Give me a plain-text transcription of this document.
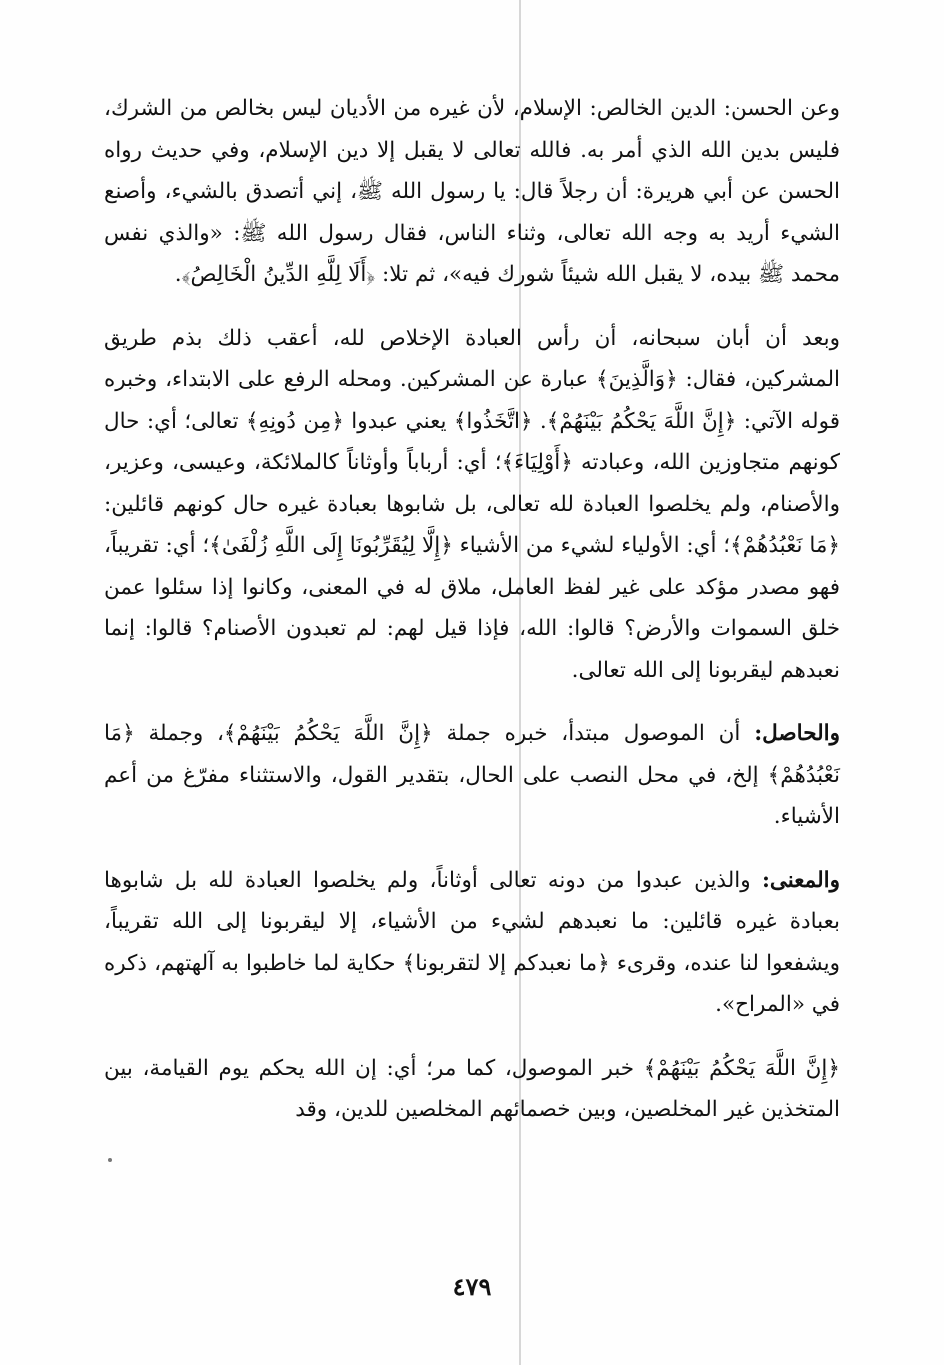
وعن الحسن: الدين الخالص: الإسلام، لأن غيره من الأديان ليس بخالص من الشرك، فليس بدين الله الذي أمر به. فالله تعالى لا يقبل إلا دين الإسلام، وفي حديث رواه الحسن عن أبي هريرة: أن رجلاً قال: يا رسول الله ﷺ، إني أتصدق بالشيء، وأصنع الشيء أريد به وجه الله تعالى، وثناء الناس، فقال رسول الله ﷺ: «والذي نفس محمد ﷺ بيده، لا يقبل الله شيئاً شورك فيه»، ثم تلا: ﴿أَلَا لِلَّهِ الدِّينُ الْخَالِصُ﴾.

وبعد أن أبان سبحانه، أن رأس العبادة الإخلاص لله، أعقب ذلك بذم طريق المشركين، فقال: ﴿وَالَّذِينَ﴾ عبارة عن المشركين. ومحله الرفع على الابتداء، وخبره قوله الآتي: ﴿إِنَّ اللَّهَ يَحْكُمُ بَيْنَهُمْ﴾. ﴿اتَّخَذُوا﴾ يعني عبدوا ﴿مِن دُونِهِ﴾ تعالى؛ أي: حال كونهم متجاوزين الله، وعبادته ﴿أَوْلِيَاءَ﴾؛ أي: أرباباً وأوثاناً كالملائكة، وعيسى، وعزير، والأصنام، ولم يخلصوا العبادة لله تعالى، بل شابوها بعبادة غيره حال كونهم قائلين: ﴿مَا نَعْبُدُهُمْ﴾؛ أي: الأولياء لشيء من الأشياء ﴿إِلَّا لِيُقَرِّبُونَا إِلَى اللَّهِ زُلْفَىٰ﴾؛ أي: تقريباً، فهو مصدر مؤكد على غير لفظ العامل، ملاق له في المعنى، وكانوا إذا سئلوا عمن خلق السموات والأرض؟ قالوا: الله، فإذا قيل لهم: لم تعبدون الأصنام؟ قالوا: إنما نعبدهم ليقربونا إلى الله تعالى.

والحاصل: أن الموصول مبتدأ، خبره جملة ﴿إِنَّ اللَّهَ يَحْكُمُ بَيْنَهُمْ﴾، وجملة ﴿مَا نَعْبُدُهُمْ﴾ إلخ، في محل النصب على الحال، بتقدير القول، والاستثناء مفرّغ من أعم الأشياء.

والمعنى: والذين عبدوا من دونه تعالى أوثاناً، ولم يخلصوا العبادة لله بل شابوها بعبادة غيره قائلين: ما نعبدهم لشيء من الأشياء، إلا ليقربونا إلى الله تقريباً، ويشفعوا لنا عنده، وقرىء ﴿ما نعبدكم إلا لتقربونا﴾ حكاية لما خاطبوا به آلهتهم، ذكره في «المراح».

﴿إِنَّ اللَّهَ يَحْكُمُ بَيْنَهُمْ﴾ خبر الموصول، كما مر؛ أي: إن الله يحكم يوم القيامة، بين المتخذين غير المخلصين، وبين خصمائهم المخلصين للدين، وقد

٤٧٩
